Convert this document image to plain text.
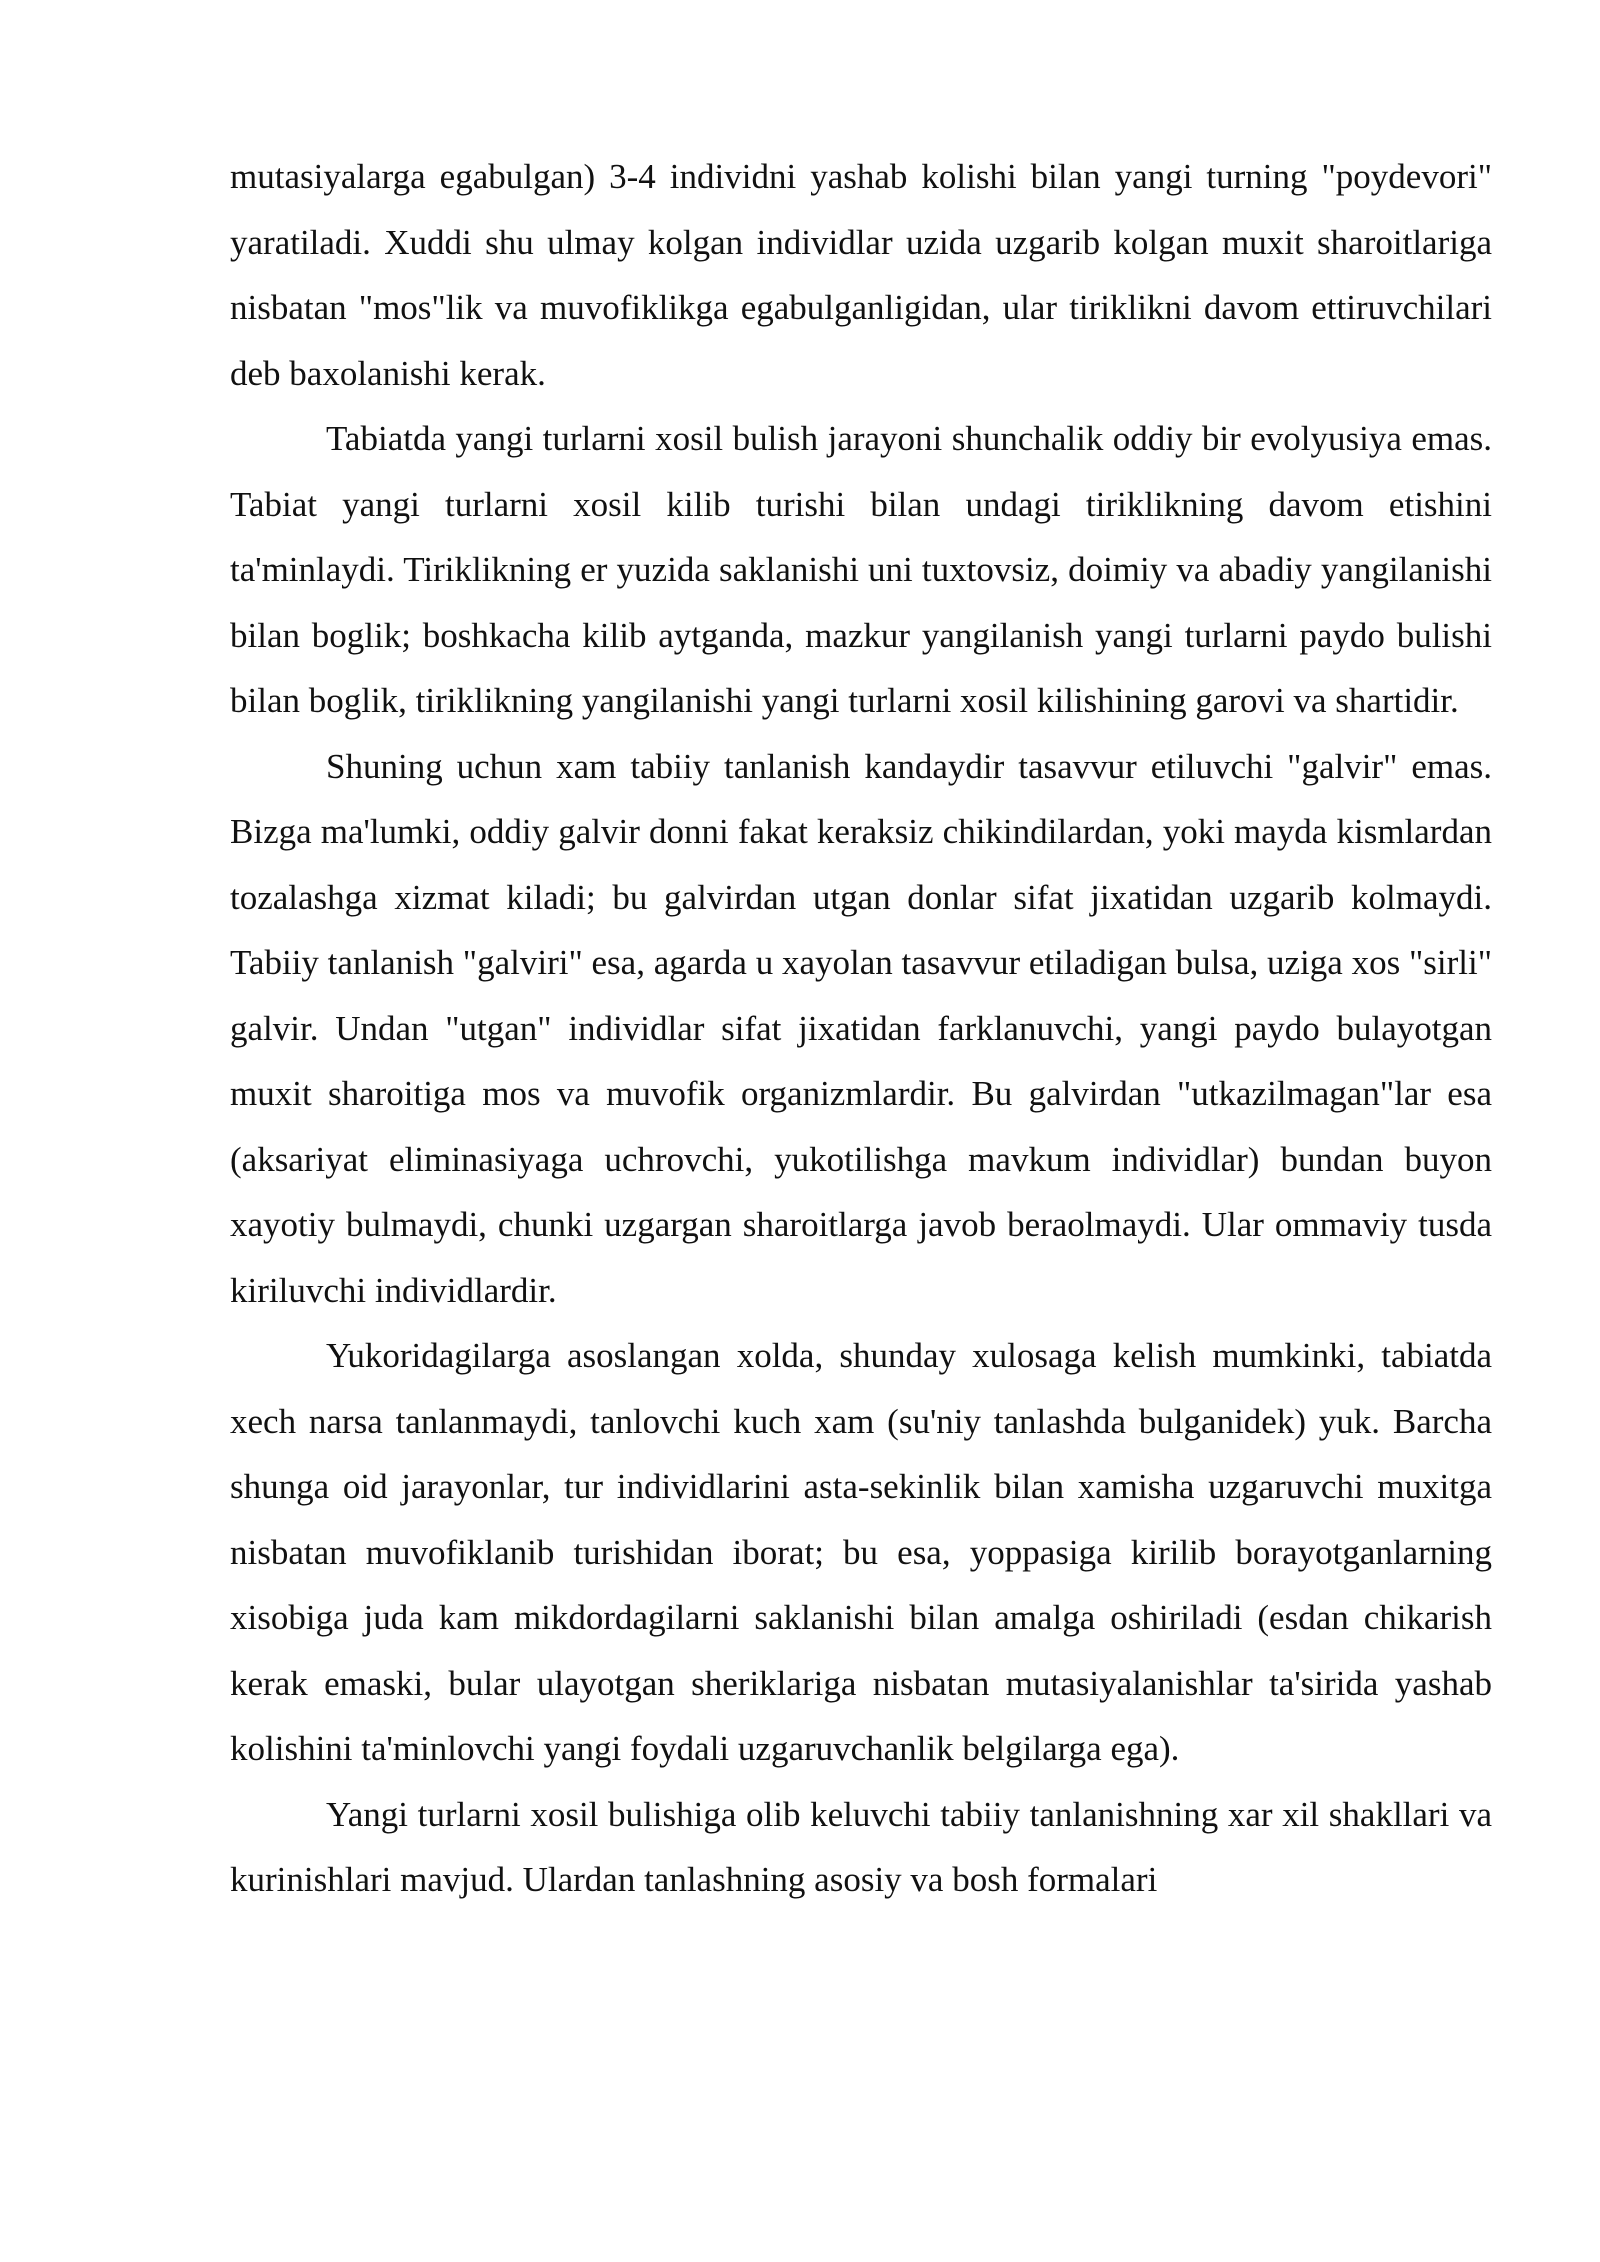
mutasiyalarga egabulgan) 3-4 individni yashab kolishi bilan yangi turning "poydevori" yaratiladi. Xuddi shu ulmay kolgan individlar uzida uzgarib kolgan muxit sharoitlariga nisbatan "mos"lik va muvofiklikga egabulganligidan, ular tiriklikni davom ettiruvchilari deb baxolanishi kerak.

Tabiatda yangi turlarni xosil bulish jarayoni shunchalik oddiy bir evolyusiya emas. Tabiat yangi turlarni xosil kilib turishi bilan undagi tiriklikning davom etishini ta'minlaydi. Tiriklikning er yuzida saklanishi uni tuxtovsiz, doimiy va abadiy yangilanishi bilan boglik; boshkacha kilib aytganda, mazkur yangilanish yangi turlarni paydo bulishi bilan boglik, tiriklikning yangilanishi yangi turlarni xosil kilishining garovi va shartidir.

Shuning uchun xam tabiiy tanlanish kandaydir tasavvur etiluvchi "galvir" emas. Bizga ma'lumki, oddiy galvir donni fakat keraksiz chikindilardan, yoki mayda kismlardan tozalashga xizmat kiladi; bu galvirdan utgan donlar sifat jixatidan uzgarib kolmaydi. Tabiiy tanlanish "galviri" esa, agarda u xayolan tasavvur etiladigan bulsa, uziga xos "sirli" galvir. Undan "utgan" individlar sifat jixatidan farklanuvchi, yangi paydo bulayotgan muxit sharoitiga mos va muvofik organizmlardir. Bu galvirdan "utkazilmagan"lar esa (aksariyat eliminasiyaga uchrovchi, yukotilishga mavkum individlar) bundan buyon xayotiy bulmaydi, chunki uzgargan sharoitlarga javob beraolmaydi. Ular ommaviy tusda kiriluvchi individlardir.

Yukoridagilarga asoslangan xolda, shunday xulosaga kelish mumkinki, tabiatda xech narsa tanlanmaydi, tanlovchi kuch xam (su'niy tanlashda bulganidek) yuk. Barcha shunga oid jarayonlar, tur individlarini asta-sekinlik bilan xamisha uzgaruvchi muxitga nisbatan muvofiklanib turishidan iborat; bu esa, yoppasiga kirilib borayotganlarning xisobiga juda kam mikdordagilarni saklanishi bilan amalga oshiriladi (esdan chikarish kerak emaski, bular ulayotgan sheriklariga nisbatan mutasiyalanishlar ta'sirida yashab kolishini ta'minlovchi yangi foydali uzgaruvchanlik belgilarga ega).

Yangi turlarni xosil bulishiga olib keluvchi tabiiy tanlanishning xar xil shakllari va kurinishlari mavjud. Ulardan tanlashning asosiy va bosh formalari
